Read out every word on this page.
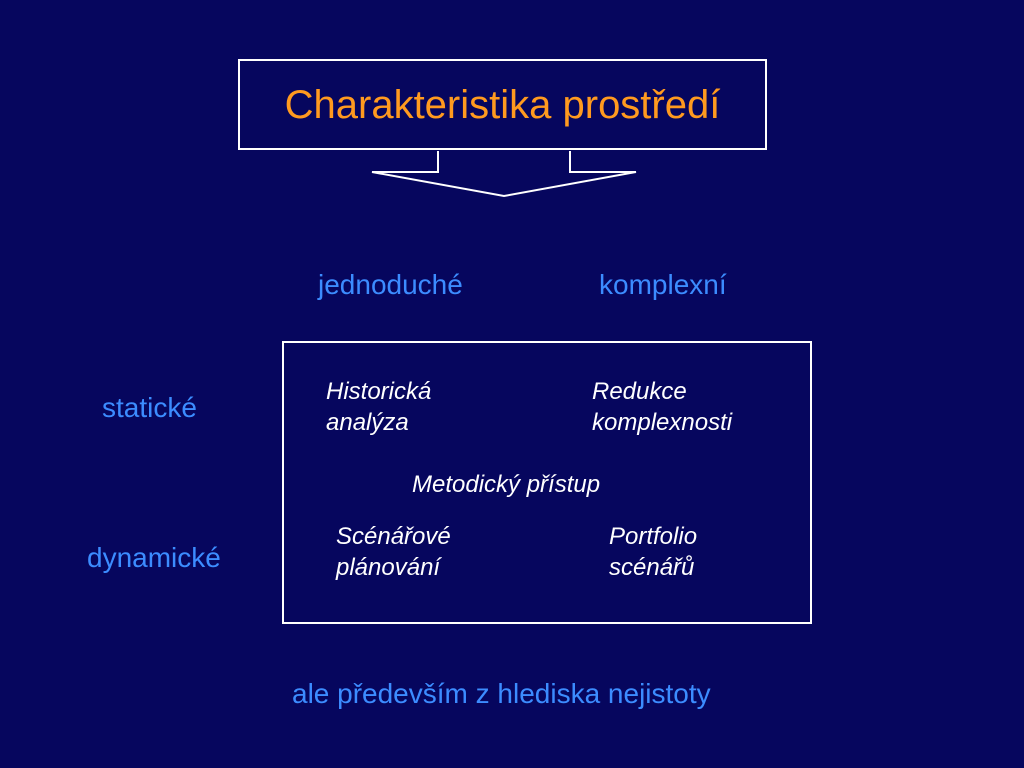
Charakteristika prostředí
jednoduché	komplexní
statické
dynamické
Historická
analýza
Redukce
komplexnosti
Metodický přístup
Scénářové
plánování
Portfolio
scénářů
ale především z hlediska nejistoty
